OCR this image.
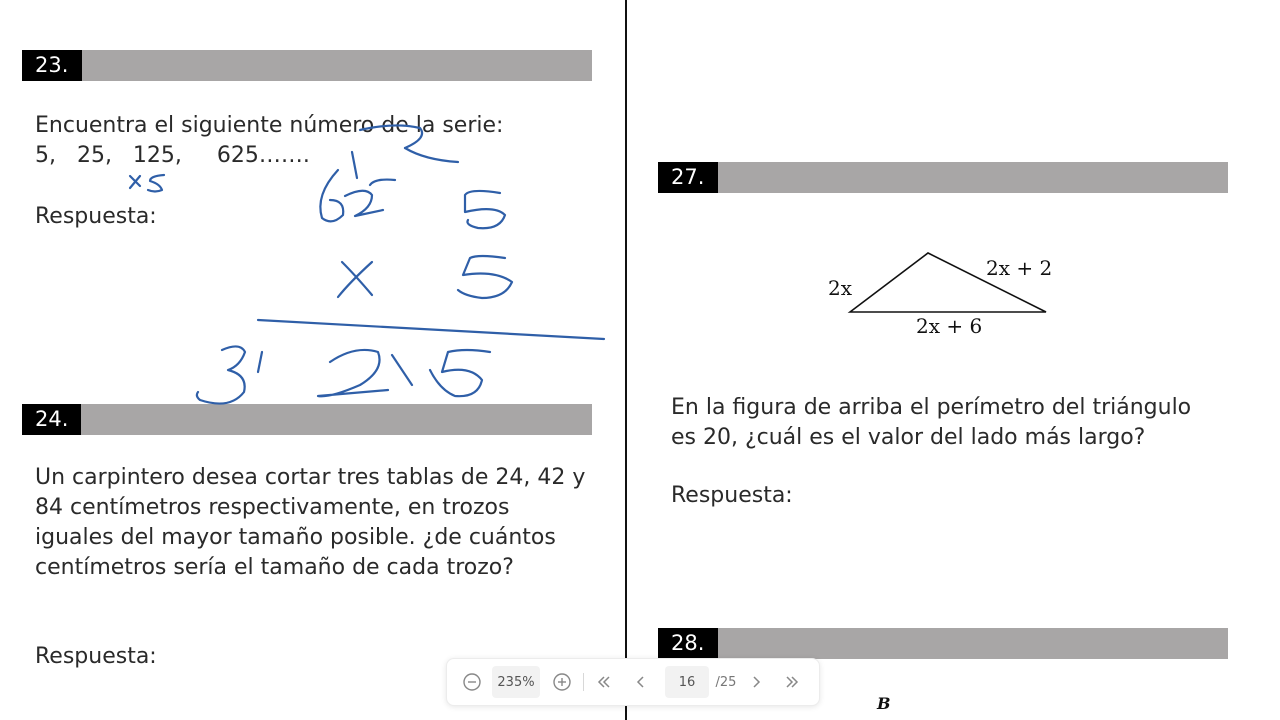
23.
Encuentra el siguiente número de la serie:
5,   25,   125,     625…….
Respuesta:
24.
Un carpintero desea cortar tres tablas de 24, 42 y 84 centímetros respectivamente, en trozos iguales del mayor tamaño posible. ¿de cuántos centímetros sería el tamaño de cada trozo?
Respuesta:
27.
2x
2x + 2
2x + 6
En la figura de arriba el perímetro del triángulo es 20, ¿cuál es el valor del lado más largo?
Respuesta:
28.
B
235%	16	/25
